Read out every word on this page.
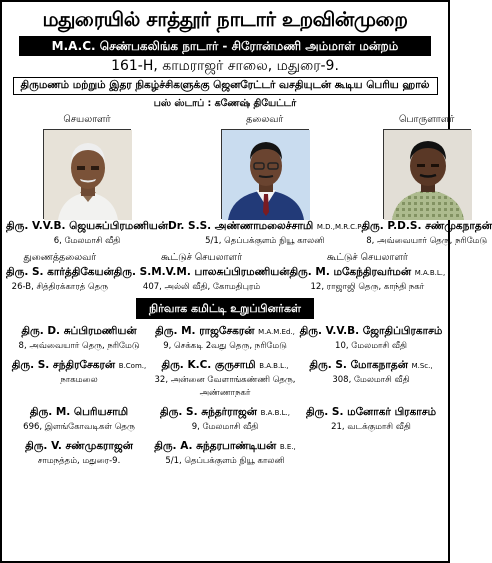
மதுரையில் சாத்தூர் நாடார் உறவின்முறை
M.A.C. செண்பகலிங்க நாடார் - சிரோன்மணி அம்மாள் மன்றம்
161-H, காமராஜர் சாலை, மதுரை-9.
திருமணம் மற்றும் இதர நிகழ்ச்சிகளுக்கு ஜெனரேட்டர் வசதியுடன் கூடிய பெரிய ஹால்
பஸ் ஸ்டாப் : கணேஷ் தியேட்டர்
செயலாளர்
திரு. V.V.B. ஜெயசுப்பிரமணியன்
6, மேலமாசி வீதி
தலைவர்
Dr. S.S. அண்ணாமலைச்சாமி M.D.,M.R.C.P
5/1, தெப்பக்குளம் நியூ காலனி
பொருளாளர்
திரு. P.D.S. சண்முகநாதன்
8, அவ்வையார் தெரு, நரிமேடு
துணைத்தலைவர்
திரு. S. கார்த்திகேயன்
26-B, சித்திரக்காரத் தெரு
கூட்டுச் செயலாளர்
திரு. S.M.V.M. பாலசுப்பிரமணியன்
407, அல்லி வீதி, கோமதிபுரம்
கூட்டுச் செயலாளர்
திரு. M. மகேந்திரவர்மன் M.A.B.L.,
12, ராஜாஜி தெரு, காந்தி நகர்
நிர்வாக கமிட்டி உறுப்பினர்கள்
திரு. D. சுப்பிரமணியன்
8, அவ்வையார் தெரு, நரிமேடு
திரு. M. ராஜசேகரன் M.A.M.Ed.,
9, செக்கடி 2வது தெரு, நரிமேடு
திரு. V.V.B. ஜோதிப்பிரகாசம்
10, மேலமாசி வீதி
திரு. S. சந்திரசேகரன் B.Com.,
நாகமலை
திரு. K.C. குருசாமி B.A.B.L.,
32, அன்னை வேளாங்கண்ணி தெரு,
அண்ணாநகர்
திரு. S. மோகநாதன் M.Sc.,
308, மேலமாசி வீதி
திரு. M. பெரியசாமி
696, இளங்கோவடிகள் தெரு
திரு. S. சுந்தர்ராஜன் B.A.B.L.,
9, மேலமாசி வீதி
திரு. S. மனோகர் பிரகாசம்
21, வடக்குமாசி வீதி
திரு. V. சண்முகராஜன்
சாமநத்தம், மதுரை-9.
திரு. A. சுந்தரபாண்டியன் B.E.,
5/1, தெப்பக்குளம் நியூ காலனி
